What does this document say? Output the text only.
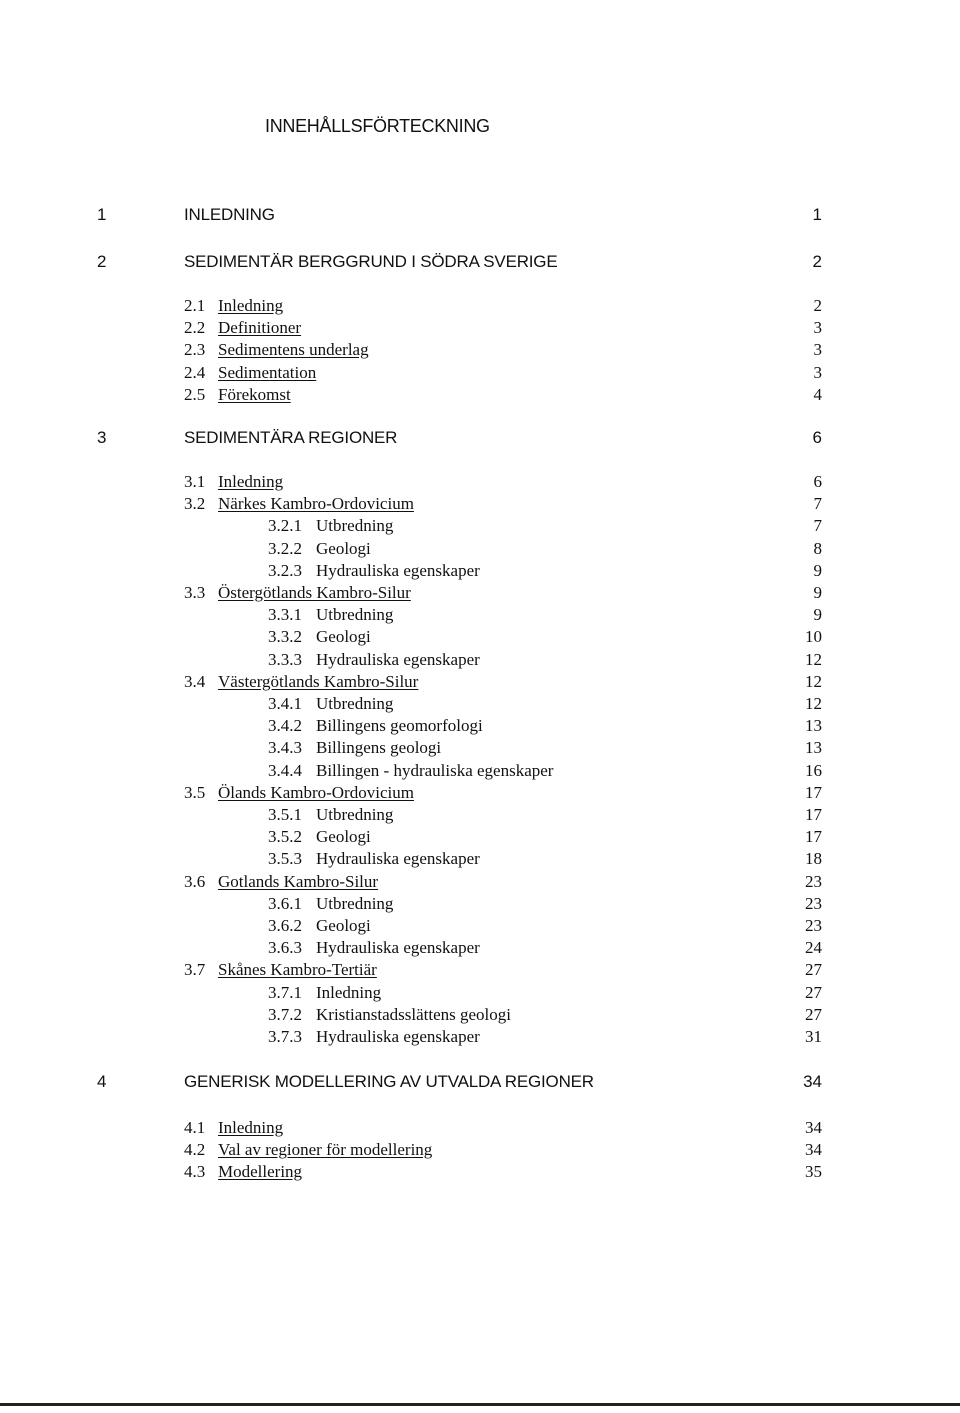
INNEHÅLLSFÖRTECKNING
1	INLEDNING	1
2	SEDIMENTÄR BERGGRUND I SÖDRA SVERIGE	2
2.1 Inledning	2
2.2 Definitioner	3
2.3 Sedimentens underlag	3
2.4 Sedimentation	3
2.5 Förekomst	4
3	SEDIMENTÄRA REGIONER	6
3.1 Inledning	6
3.2 Närkes Kambro-Ordovicium	7
3.2.1 Utbredning	7
3.2.2 Geologi	8
3.2.3 Hydrauliska egenskaper	9
3.3 Östergötlands Kambro-Silur	9
3.3.1 Utbredning	9
3.3.2 Geologi	10
3.3.3 Hydrauliska egenskaper	12
3.4 Västergötlands Kambro-Silur	12
3.4.1 Utbredning	12
3.4.2 Billingens geomorfologi	13
3.4.3 Billingens geologi	13
3.4.4 Billingen - hydrauliska egenskaper	16
3.5 Ölands Kambro-Ordovicium	17
3.5.1 Utbredning	17
3.5.2 Geologi	17
3.5.3 Hydrauliska egenskaper	18
3.6 Gotlands Kambro-Silur	23
3.6.1 Utbredning	23
3.6.2 Geologi	23
3.6.3 Hydrauliska egenskaper	24
3.7 Skånes Kambro-Tertiär	27
3.7.1 Inledning	27
3.7.2 Kristianstadsslättens geologi	27
3.7.3 Hydrauliska egenskaper	31
4	GENERISK MODELLERING AV UTVALDA REGIONER	34
4.1 Inledning	34
4.2 Val av regioner för modellering	34
4.3 Modellering	35
